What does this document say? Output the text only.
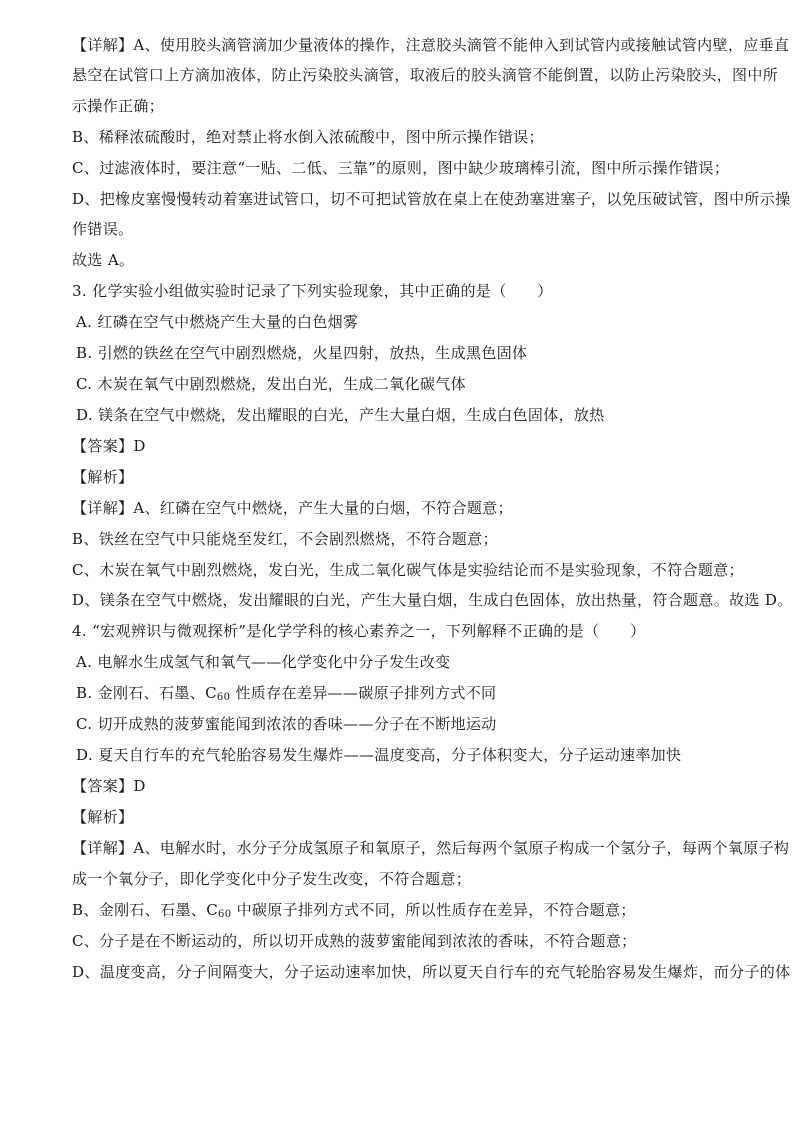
【详解】A、使用胶头滴管滴加少量液体的操作，注意胶头滴管不能伸入到试管内或接触试管内壁，应垂直
悬空在试管口上方滴加液体，防止污染胶头滴管，取液后的胶头滴管不能倒置，以防止污染胶头，图中所
示操作正确；
B、稀释浓硫酸时，绝对禁止将水倒入浓硫酸中，图中所示操作错误；
C、过滤液体时，要注意“一贴、二低、三靠”的原则，图中缺少玻璃棒引流，图中所示操作错误；
D、把橡皮塞慢慢转动着塞进试管口，切不可把试管放在桌上在使劲塞进塞子，以免压破试管，图中所示操
作错误。
故选 A。
3. 化学实验小组做实验时记录了下列实验现象，其中正确的是（　　）
A. 红磷在空气中燃烧产生大量的白色烟雾
B. 引燃的铁丝在空气中剧烈燃烧，火星四射，放热，生成黑色固体
C. 木炭在氧气中剧烈燃烧，发出白光，生成二氧化碳气体
D. 镁条在空气中燃烧，发出耀眼的白光，产生大量白烟，生成白色固体，放热
【答案】D
【解析】
【详解】A、红磷在空气中燃烧，产生大量的白烟，不符合题意；
B、铁丝在空气中只能烧至发红，不会剧烈燃烧，不符合题意；
C、木炭在氧气中剧烈燃烧，发白光，生成二氧化碳气体是实验结论而不是实验现象，不符合题意；
D、镁条在空气中燃烧，发出耀眼的白光，产生大量白烟，生成白色固体，放出热量，符合题意。故选 D。
4. “宏观辨识与微观探析”是化学学科的核心素养之一，下列解释不正确的是（　　）
A. 电解水生成氢气和氧气——化学变化中分子发生改变
B. 金刚石、石墨、$C_{60}$ 性质存在差异——碳原子排列方式不同
C. 切开成熟的菠萝蜜能闻到浓浓的香味——分子在不断地运动
D. 夏天自行车的充气轮胎容易发生爆炸——温度变高，分子体积变大，分子运动速率加快
【答案】D
【解析】
【详解】A、电解水时，水分子分成氢原子和氧原子，然后每两个氢原子构成一个氢分子，每两个氧原子构
成一个氧分子，即化学变化中分子发生改变，不符合题意；
B、金刚石、石墨、$C_{60}$ 中碳原子排列方式不同，所以性质存在差异，不符合题意；
C、分子是在不断运动的，所以切开成熟的菠萝蜜能闻到浓浓的香味，不符合题意；
D、温度变高，分子间隔变大，分子运动速率加快，所以夏天自行车的充气轮胎容易发生爆炸，而分子的体
